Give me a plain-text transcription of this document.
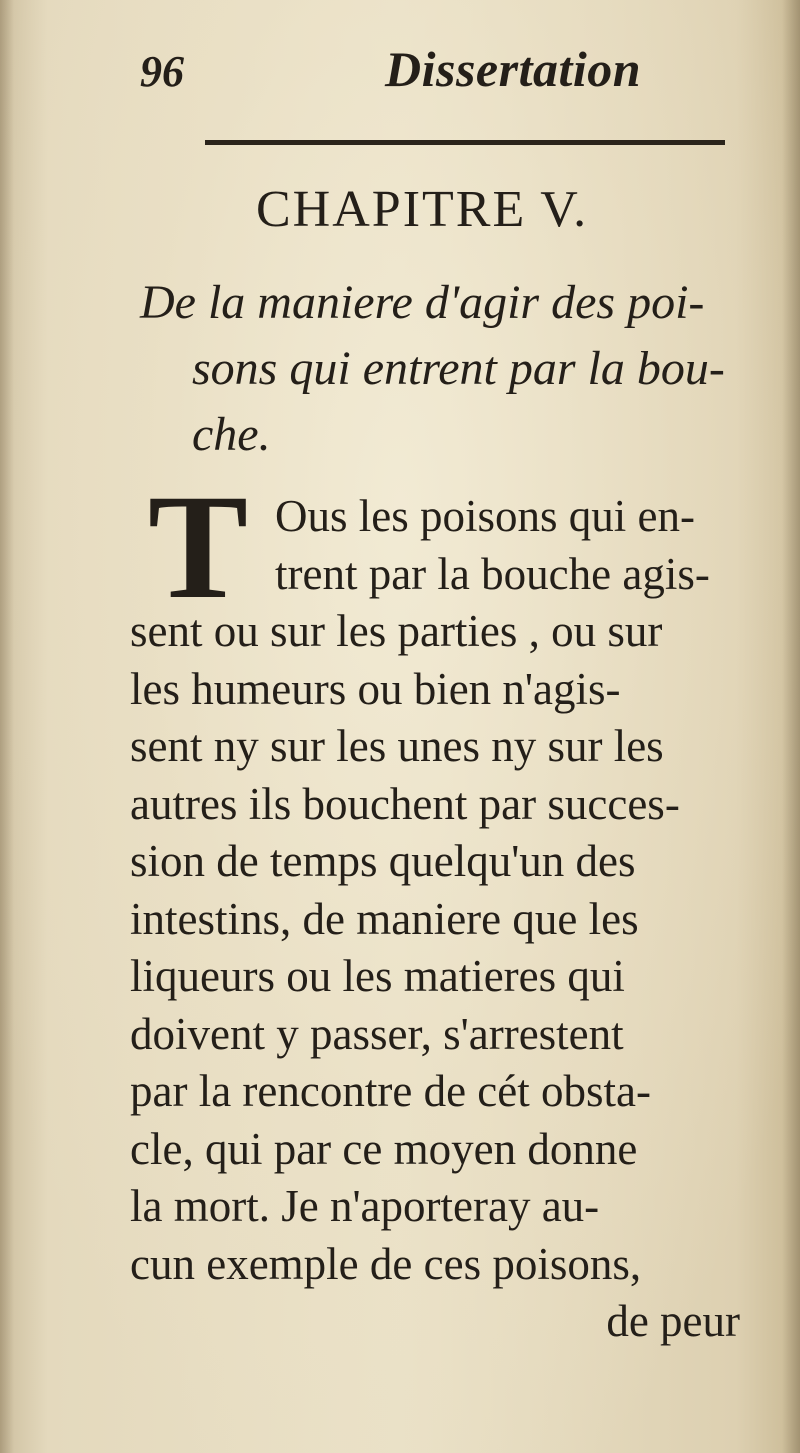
96	Dissertation
CHAPITRE V.
De la maniere d'agir des poi-
sons qui entrent par la bou-
che.
T Ous les poisons qui en-
trent par la bouche agis-
sent ou sur les parties , ou sur
les humeurs ou bien n'agis-
sent ny sur les unes ny sur les
autres ils bouchent par succes-
sion de temps quelqu'un des
intestins, de maniere que les
liqueurs ou les matieres qui
doivent y passer, s'arrestent
par la rencontre de cét obsta-
cle, qui par ce moyen donne
la mort. Je n'aporteray au-
cun exemple de ces poisons,
de peur
